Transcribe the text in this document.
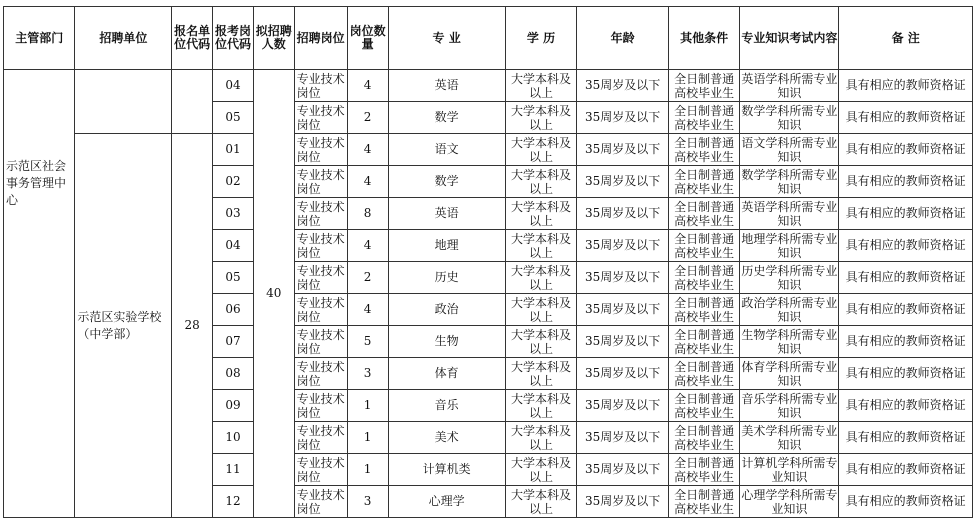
主管部门	招聘单位	报名单位代码	报考岗位代码	拟招聘人数	招聘岗位	岗位数量	专 业	学 历	年龄	其他条件	专业知识考试内容	备 注
示范区社会事务管理中心			04	40	专业技术岗位	4	英语	大学本科及以上	35周岁及以下	全日制普通高校毕业生	英语学科所需专业知识	具有相应的教师资格证
			05		专业技术岗位	2	数学	大学本科及以上	35周岁及以下	全日制普通高校毕业生	数学学科所需专业知识	具有相应的教师资格证
	示范区实验学校（中学部）	28	01		专业技术岗位	4	语文	大学本科及以上	35周岁及以下	全日制普通高校毕业生	语文学科所需专业知识	具有相应的教师资格证
			02		专业技术岗位	4	数学	大学本科及以上	35周岁及以下	全日制普通高校毕业生	数学学科所需专业知识	具有相应的教师资格证
			03		专业技术岗位	8	英语	大学本科及以上	35周岁及以下	全日制普通高校毕业生	英语学科所需专业知识	具有相应的教师资格证
			04		专业技术岗位	4	地理	大学本科及以上	35周岁及以下	全日制普通高校毕业生	地理学科所需专业知识	具有相应的教师资格证
			05		专业技术岗位	2	历史	大学本科及以上	35周岁及以下	全日制普通高校毕业生	历史学科所需专业知识	具有相应的教师资格证
			06		专业技术岗位	4	政治	大学本科及以上	35周岁及以下	全日制普通高校毕业生	政治学科所需专业知识	具有相应的教师资格证
			07		专业技术岗位	5	生物	大学本科及以上	35周岁及以下	全日制普通高校毕业生	生物学科所需专业知识	具有相应的教师资格证
			08		专业技术岗位	3	体育	大学本科及以上	35周岁及以下	全日制普通高校毕业生	体育学科所需专业知识	具有相应的教师资格证
			09		专业技术岗位	1	音乐	大学本科及以上	35周岁及以下	全日制普通高校毕业生	音乐学科所需专业知识	具有相应的教师资格证
			10		专业技术岗位	1	美术	大学本科及以上	35周岁及以下	全日制普通高校毕业生	美术学科所需专业知识	具有相应的教师资格证
			11		专业技术岗位	1	计算机类	大学本科及以上	35周岁及以下	全日制普通高校毕业生	计算机学科所需专业知识	具有相应的教师资格证
			12		专业技术岗位	3	心理学	大学本科及以上	35周岁及以下	全日制普通高校毕业生	心理学学科所需专业知识	具有相应的教师资格证
